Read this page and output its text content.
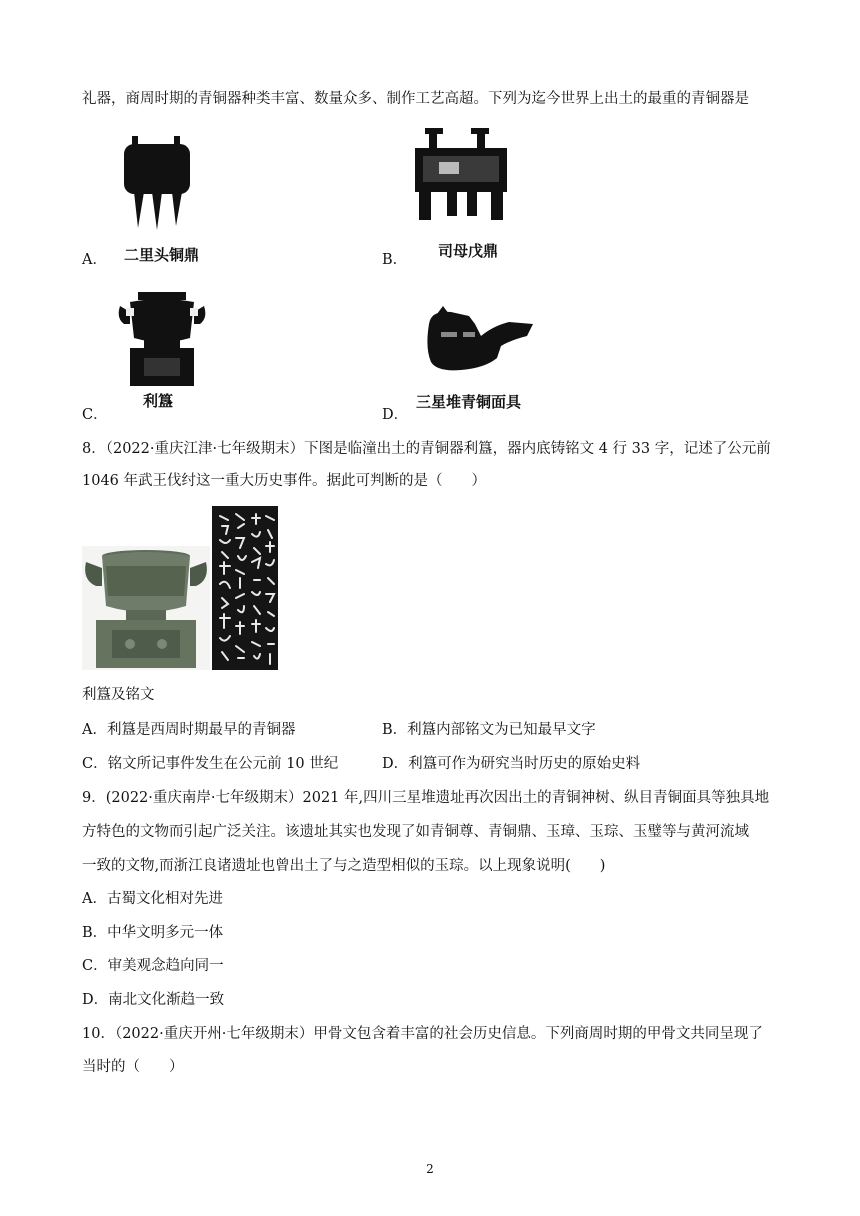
礼器，商周时期的青铜器种类丰富、数量众多、制作工艺高超。下列为迄今世界上出土的最重的青铜器是
A． 二里头铜鼎	B． 司母戊鼎
C．
利簋
D．
三星堆青铜面具
8．（2022·重庆江津·七年级期末）下图是临潼出土的青铜器利簋，器内底铸铭文 4 行 33 字，记述了公元前
1046 年武王伐纣这一重大历史事件。据此可判断的是（　　）
利簋及铭文
A．利簋是西周时期最早的青铜器	B．利簋内部铭文为已知最早文字
C．铭文所记事件发生在公元前 10 世纪	D．利簋可作为研究当时历史的原始史料
9．(2022·重庆南岸·七年级期末）2021 年,四川三星堆遗址再次因出土的青铜神树、纵目青铜面具等独具地
方特色的文物而引起广泛关注。该遗址其实也发现了如青铜尊、青铜鼎、玉璋、玉琮、玉璧等与黄河流域
一致的文物,而浙江良诸遗址也曾出土了与之造型相似的玉琮。以上现象说明(　　)
A．古蜀文化相对先进
B．中华文明多元一体
C．审美观念趋向同一
D．南北文化渐趋一致
10．（2022·重庆开州·七年级期末）甲骨文包含着丰富的社会历史信息。下列商周时期的甲骨文共同呈现了
当时的（　　）
2
